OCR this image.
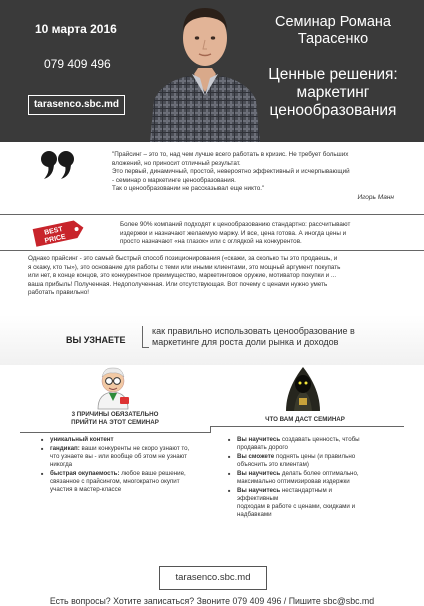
10 марта 2016
079 409 496
tarasenco.sbc.md
Семинар Романа
Тарасенко
Ценные решения:
маркетинг
ценообразования
"Прайсинг – это то, над чем лучше всего работать в кризис. Не требует больших
вложений, но приносит отличный результат.
Это первый, динамичный, простой, невероятно эффективный и исчерпывающий
- семинар о маркетинге ценообразования.
Так о ценообразовании не рассказывал еще никто."
Игорь Манн
BEST
PRICE
Более 90% компаний подходят к ценообразованию стандартно: рассчитывают
издержки и назначают желаемую маржу. И все, цена готова. А иногда цены и
просто назначают «на глазок» или с оглядкой на конкурентов.
Однако прайсинг - это самый быстрый способ позиционирования («скажи, за сколько ты это продаешь, и
я скажу, кто ты»), это основание для работы с теми или иными клиентами, это мощный аргумент покупать
или нет, в конце концов, это конкурентное преимущество, маркетинговое оружие, мотиватор покупки и ...
ваша прибыль! Полученная. Недополученная. Или отсутствующая. Вот почему с ценами нужно уметь
работать правильно!
ВЫ УЗНАЕТЕ
как правильно использовать ценообразование в
маркетинге для роста доли рынка и доходов
3 ПРИЧИНЫ ОБЯЗАТЕЛЬНО
ПРИЙТИ НА ЭТОТ СЕМИНАР	ЧТО ВАМ ДАСТ СЕМИНАР
■ уникальный контент
■ гандикап: ваши конкуренты не скоро узнают то,
что узнаете вы - или вообще об этом не узнают
никогда
■ быстрая окупаемость: любое ваше решение,
связанное с прайсингом, многократно окупит
участия в мастер-классе
■ Вы научитесь создавать ценность, чтобы
продавать дорого
■ Вы сможете поднять цены (и правильно
объяснить это клиентам)
■ Вы научитесь делать более оптимально,
максимально оптимизировав издержки
■ Вы научитесь нестандартным и эффективным
подходам в работе с ценами, скидками и
надбавками
tarasenco.sbc.md
Есть вопросы? Хотите записаться? Звоните 079 409 496 / Пишите sbc@sbc.md
